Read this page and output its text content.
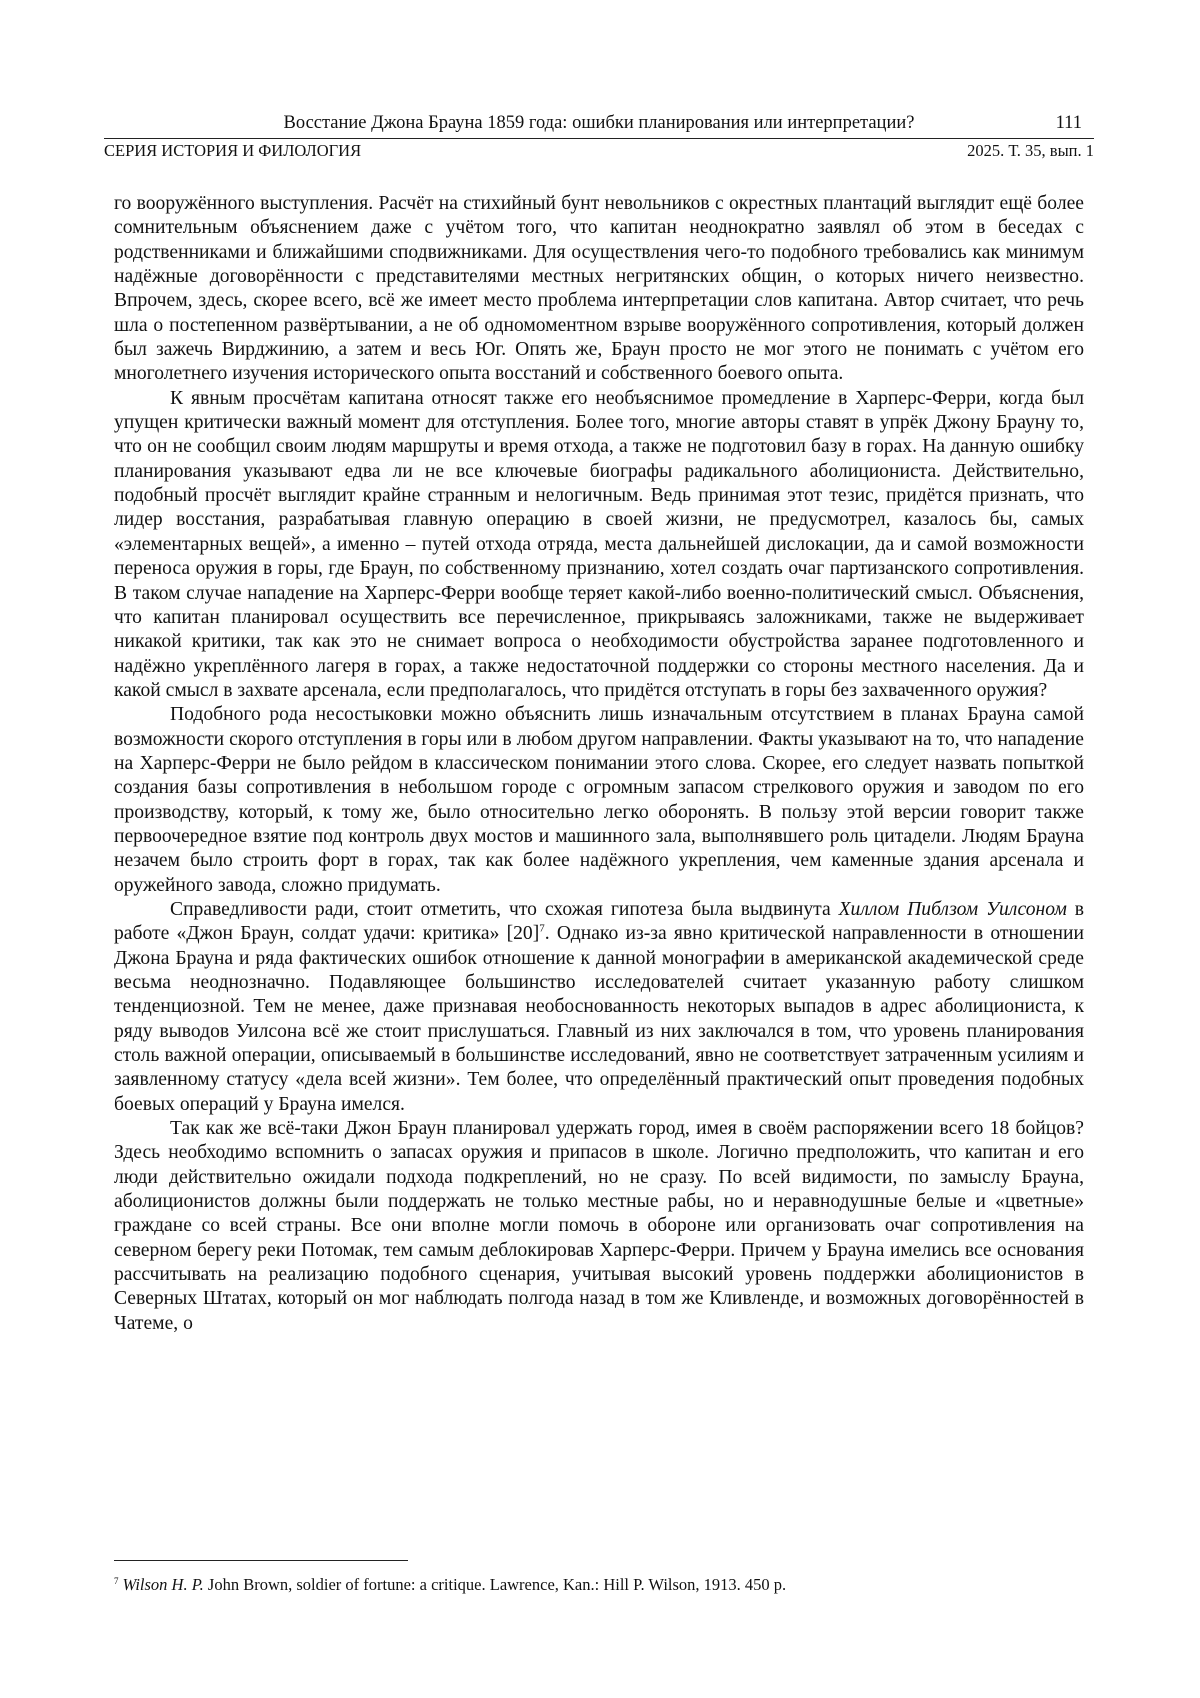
Восстание Джона Брауна 1859 года: ошибки планирования или интерпретации?	111
СЕРИЯ ИСТОРИЯ И ФИЛОЛОГИЯ	2025. Т. 35, вып. 1

го вооружённого выступления. Расчёт на стихийный бунт невольников с окрестных плантаций выглядит ещё более сомнительным объяснением даже с учётом того, что капитан неоднократно заявлял об этом в беседах с родственниками и ближайшими сподвижниками. Для осуществления чего-то подобного требовались как минимум надёжные договорённости с представителями местных негритянских общин, о которых ничего неизвестно. Впрочем, здесь, скорее всего, всё же имеет место проблема интерпретации слов капитана. Автор считает, что речь шла о постепенном развёртывании, а не об одномоментном взрыве вооружённого сопротивления, который должен был зажечь Вирджинию, а затем и весь Юг. Опять же, Браун просто не мог этого не понимать с учётом его многолетнего изучения исторического опыта восстаний и собственного боевого опыта.

К явным просчётам капитана относят также его необъяснимое промедление в Харперс-Ферри, когда был упущен критически важный момент для отступления. Более того, многие авторы ставят в упрёк Джону Брауну то, что он не сообщил своим людям маршруты и время отхода, а также не подготовил базу в горах. На данную ошибку планирования указывают едва ли не все ключевые биографы радикального аболициониста. Действительно, подобный просчёт выглядит крайне странным и нелогичным. Ведь принимая этот тезис, придётся признать, что лидер восстания, разрабатывая главную операцию в своей жизни, не предусмотрел, казалось бы, самых «элементарных вещей», а именно – путей отхода отряда, места дальнейшей дислокации, да и самой возможности переноса оружия в горы, где Браун, по собственному признанию, хотел создать очаг партизанского сопротивления. В таком случае нападение на Харперс-Ферри вообще теряет какой-либо военно-политический смысл. Объяснения, что капитан планировал осуществить все перечисленное, прикрываясь заложниками, также не выдерживает никакой критики, так как это не снимает вопроса о необходимости обустройства заранее подготовленного и надёжно укреплённого лагеря в горах, а также недостаточной поддержки со стороны местного населения. Да и какой смысл в захвате арсенала, если предполагалось, что придётся отступать в горы без захваченного оружия?

Подобного рода несостыковки можно объяснить лишь изначальным отсутствием в планах Брауна самой возможности скорого отступления в горы или в любом другом направлении. Факты указывают на то, что нападение на Харперс-Ферри не было рейдом в классическом понимании этого слова. Скорее, его следует назвать попыткой создания базы сопротивления в небольшом городе с огромным запасом стрелкового оружия и заводом по его производству, который, к тому же, было относительно легко оборонять. В пользу этой версии говорит также первоочередное взятие под контроль двух мостов и машинного зала, выполнявшего роль цитадели. Людям Брауна незачем было строить форт в горах, так как более надёжного укрепления, чем каменные здания арсенала и оружейного завода, сложно придумать.

Справедливости ради, стоит отметить, что схожая гипотеза была выдвинута Хиллом Пиблзом Уилсоном в работе «Джон Браун, солдат удачи: критика» [20]7. Однако из-за явно критической направленности в отношении Джона Брауна и ряда фактических ошибок отношение к данной монографии в американской академической среде весьма неоднозначно. Подавляющее большинство исследователей считает указанную работу слишком тенденциозной. Тем не менее, даже признавая необоснованность некоторых выпадов в адрес аболициониста, к ряду выводов Уилсона всё же стоит прислушаться. Главный из них заключался в том, что уровень планирования столь важной операции, описываемый в большинстве исследований, явно не соответствует затраченным усилиям и заявленному статусу «дела всей жизни». Тем более, что определённый практический опыт проведения подобных боевых операций у Брауна имелся.

Так как же всё-таки Джон Браун планировал удержать город, имея в своём распоряжении всего 18 бойцов? Здесь необходимо вспомнить о запасах оружия и припасов в школе. Логично предположить, что капитан и его люди действительно ожидали подхода подкреплений, но не сразу. По всей видимости, по замыслу Брауна, аболиционистов должны были поддержать не только местные рабы, но и неравнодушные белые и «цветные» граждане со всей страны. Все они вполне могли помочь в обороне или организовать очаг сопротивления на северном берегу реки Потомак, тем самым деблокировав Харперс-Ферри. Причем у Брауна имелись все основания рассчитывать на реализацию подобного сценария, учитывая высокий уровень поддержки аболиционистов в Северных Штатах, который он мог наблюдать полгода назад в том же Кливленде, и возможных договорённостей в Чатеме, о

7 Wilson H. P. John Brown, soldier of fortune: a critique. Lawrence, Kan.: Hill P. Wilson, 1913. 450 p.
